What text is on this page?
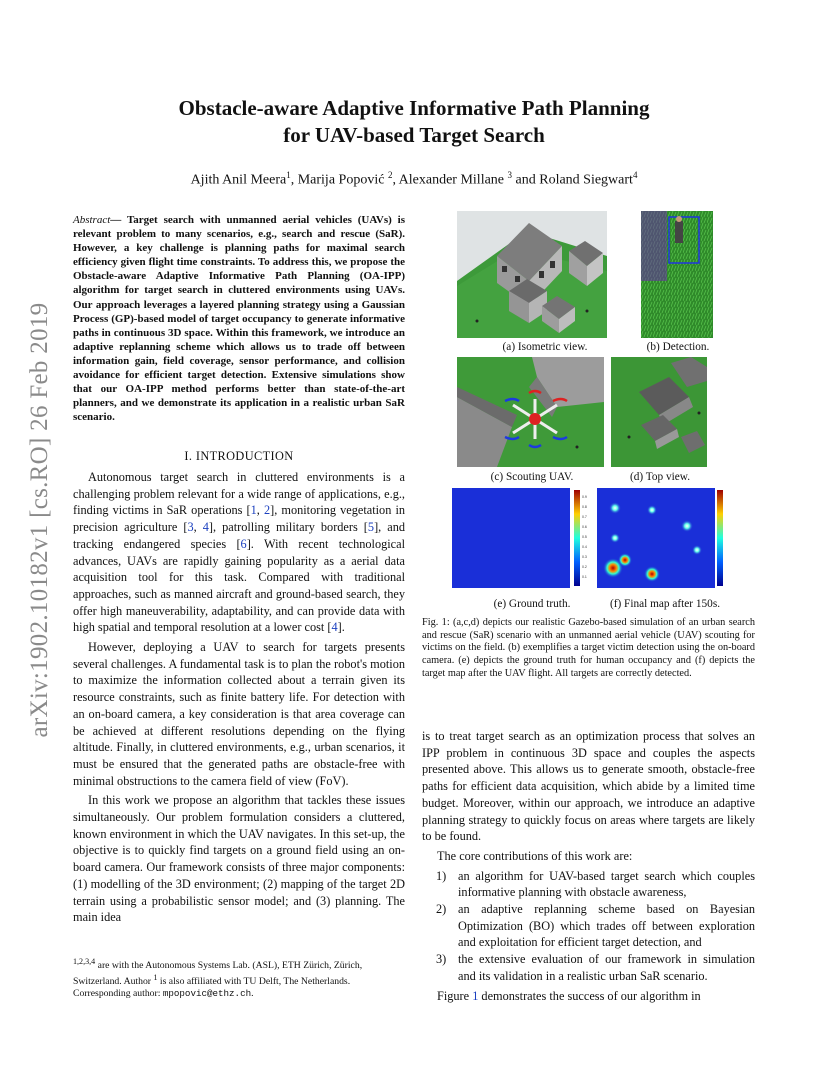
arXiv:1902.10182v1 [cs.RO] 26 Feb 2019
Obstacle-aware Adaptive Informative Path Planning
for UAV-based Target Search
Ajith Anil Meera$^1$, Marija Popović $^2$, Alexander Millane $^3$ and Roland Siegwart$^4$
Abstract— Target search with unmanned aerial vehicles (UAVs) is relevant problem to many scenarios, e.g., search and rescue (SaR). However, a key challenge is planning paths for maximal search efficiency given flight time constraints. To address this, we propose the Obstacle-aware Adaptive Informative Path Planning (OA-IPP) algorithm for target search in cluttered environments using UAVs. Our approach leverages a layered planning strategy using a Gaussian Process (GP)-based model of target occupancy to generate informative paths in continuous 3D space. Within this framework, we introduce an adaptive replanning scheme which allows us to trade off between information gain, field coverage, sensor performance, and collision avoidance for efficient target detection. Extensive simulations show that our OA-IPP method performs better than state-of-the-art planners, and we demonstrate its application in a realistic urban SaR scenario.
I. INTRODUCTION

Autonomous target search in cluttered environments is a challenging problem relevant for a wide range of applications, e.g., finding victims in SaR operations [1, 2], monitoring vegetation in precision agriculture [3, 4], patrolling military borders [5], and tracking endangered species [6]. With recent technological advances, UAVs are rapidly gaining popularity as a aerial data acquisition tool for this task. Compared with traditional approaches, such as manned aircraft and ground-based search, they offer high maneuverability, adaptability, and can provide data with high spatial and temporal resolution at a lower cost [4].

However, deploying a UAV to search for targets presents several challenges. A fundamental task is to plan the robot's motion to maximize the information collected about a terrain given its resource constraints, such as finite battery life. For detection with an on-board camera, a key consideration is that area coverage can be achieved at different resolutions depending on the flying altitude. Finally, in cluttered environments, e.g., urban scenarios, it must be ensured that the generated paths are obstacle-free with minimal obstructions to the camera field of view (FoV).

In this work we propose an algorithm that tackles these issues simultaneously. Our problem formulation considers a cluttered, known environment in which the UAV navigates. In this set-up, the objective is to quickly find targets on a ground field using an on-board camera. Our framework consists of three major components: (1) modelling of the 3D environment; (2) mapping of the target 2D terrain using a probabilistic sensor model; and (3) planning. The main idea

$^{1,2,3,4}$ are with the Autonomous Systems Lab. (ASL), ETH Zürich, Zürich, Switzerland. Author $^1$ is also affiliated with TU Delft, The Netherlands. Corresponding author: mpopovic@ethz.ch.
(a) Isometric view.	(b) Detection.
(c) Scouting UAV.	(d) Top view.
0.9
0.8
0.7
0.6
0.5
0.4
0.3
0.2
0.1
(e) Ground truth.	(f) Final map after 150s.
Fig. 1: (a,c,d) depicts our realistic Gazebo-based simulation of an urban search and rescue (SaR) scenario with an unmanned aerial vehicle (UAV) scouting for victims on the field. (b) exemplifies a target victim detection using the on-board camera. (e) depicts the ground truth for human occupancy and (f) depicts the target map after the UAV flight. All targets are correctly detected.

is to treat target search as an optimization process that solves an IPP problem in continuous 3D space and couples the aspects presented above. This allows us to generate smooth, obstacle-free paths for efficient data acquisition, which abide by a limited time budget. Moreover, within our approach, we introduce an adaptive planning strategy to quickly focus on areas where targets are likely to be found.

The core contributions of this work are:

1) an algorithm for UAV-based target search which couples informative planning with obstacle awareness,
2) an adaptive replanning scheme based on Bayesian Optimization (BO) which trades off between exploration and exploitation for efficient target detection, and
3) the extensive evaluation of our framework in simulation and its validation in a realistic urban SaR scenario.

Figure 1 demonstrates the success of our algorithm in
